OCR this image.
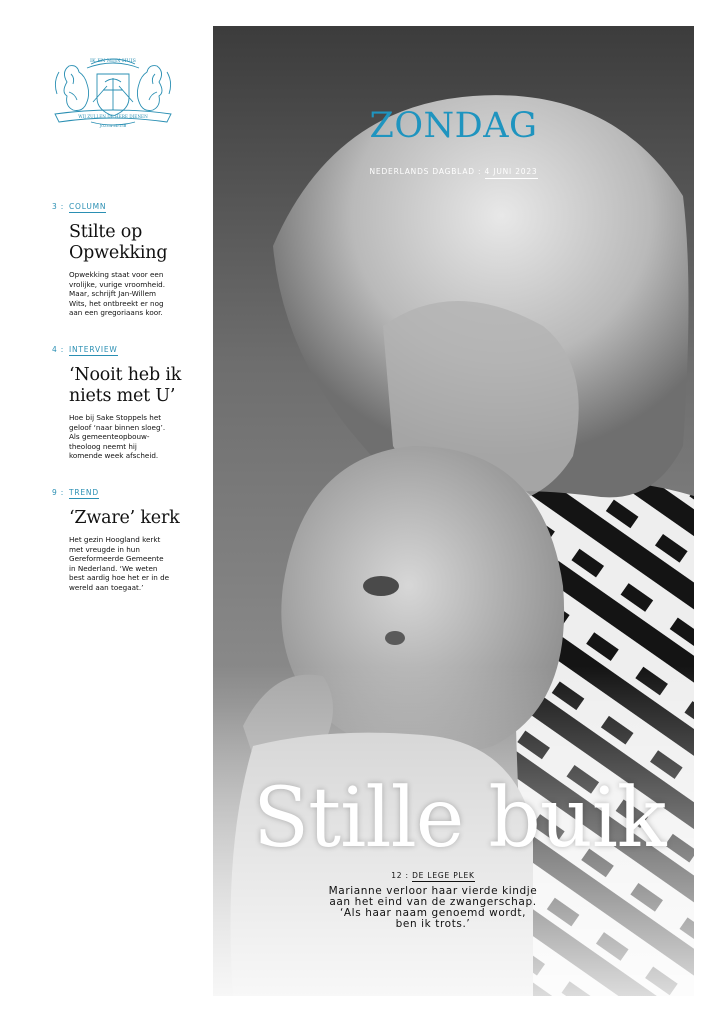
IK EN MIJN HUIS
WIJ ZULLEN DE HERE DIENEN
JOZUA 24:15B
3 : COLUMN
Stilte op
Opwekking

Opwekking staat voor een
vrolijke, vurige vroomheid.
Maar, schrijft Jan-Willem
Wits, het ontbreekt er nog
aan een gregoriaans koor.

4 : INTERVIEW
‘Nooit heb ik
niets met U’

Hoe bij Sake Stoppels het
geloof ‘naar binnen sloeg’.
Als gemeenteopbouw-
theoloog neemt hij
komende week afscheid.

9 : TREND
‘Zware’ kerk

Het gezin Hoogland kerkt
met vreugde in hun
Gereformeerde Gemeente
in Nederland. ‘We weten
best aardig hoe het er in de
wereld aan toegaat.’

ZONDAG
NEDERLANDS DAGBLAD : 4 JUNI 2023
Stille buik
12 : DE LEGE PLEK
Marianne verloor haar vierde kindje
aan het eind van de zwangerschap.
‘Als haar naam genoemd wordt,
ben ik trots.’
